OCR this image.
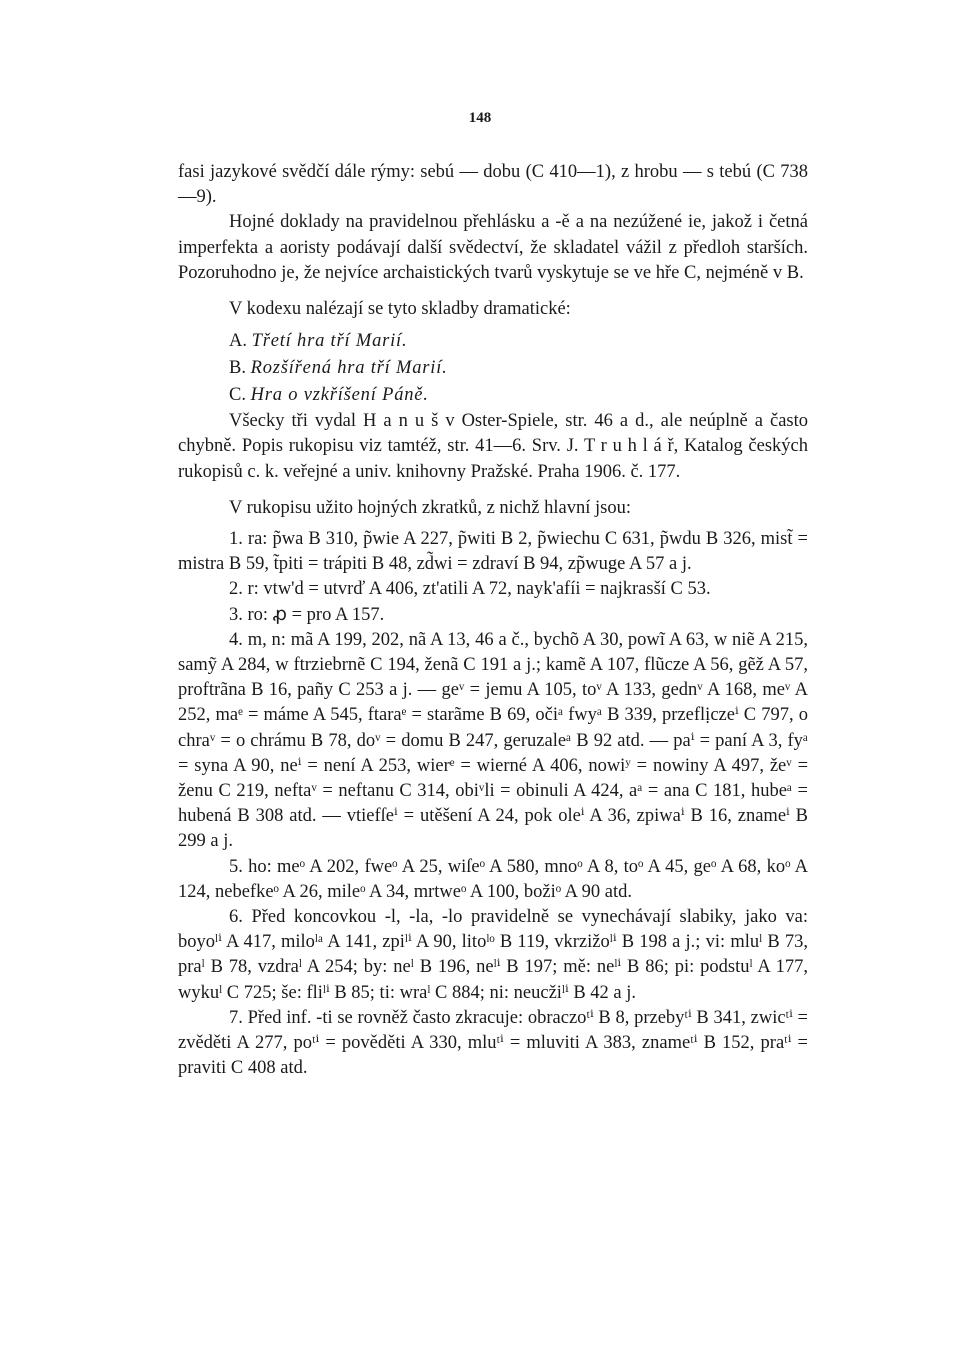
148

fasi jazykové svědčí dále rýmy: sebú — dobu (C 410—1), z hrobu — s tebú (C 738—9).

Hojné doklady na pravidelnou přehlásku a -ě a na nezúžené ie, jakož i četná imperfekta a aoristy podávají další svědectví, že skladatel vážil z předloh starších. Pozoruhodno je, že nejvíce archaistických tvarů vyskytuje se ve hře C, nejméně v B.

V kodexu nalézají se tyto skladby dramatické:

A. Třetí hra tří Marií.

B. Rozšířená hra tří Marií.

C. Hra o vzkříšení Páně.

Všecky tři vydal H a n u š v Oster-Spiele, str. 46 a d., ale neúplně a často chybně. Popis rukopisu viz tamtéž, str. 41—6. Srv. J. T r u h l á ř, Katalog českých rukopisů c. k. veřejné a univ. knihovny Pražské. Praha 1906. č. 177.

V rukopisu užito hojných zkratků, z nichž hlavní jsou:

1. ra: p̃wa B 310, p̃wie A 227, p̃witi B 2, p̃wiechu C 631, p̃wdu B 326, mist̃ = mistra B 59, t̃piti = trápiti B 48, zd̃wi = zdraví B 94, zp̃wuge A 57 a j.

2. r: vtw'd = utvrď A 406, zt'atili A 72, nayk'afíi = najkrasší C 53.

3. ro: ꝓ = pro A 157.

4. m, n: mã A 199, 202, nã A 13, 46 a č., bychõ A 30, powĩ A 63, w niẽ A 215, samỹ A 284, w ftrziebrnẽ C 194, ženã C 191 a j.; kamẽ A 107, flũcze A 56, gẽž A 57, proftrãna B 16, pañy C 253 a j. — geᵛ = jemu A 105, toᵛ A 133, gednᵛ A 168, meᵛ A 252, maᵉ = máme A 545, ftaraᵉ = starãme B 69, očiᵃ fwyᵃ B 339, przeflịczeⁱ C 797, o chraᵛ = o chrámu B 78, doᵛ = domu B 247, geruzaleᵃ B 92 atd. — paⁱ = paní A 3, fyᵃ = syna A 90, neⁱ = není A 253, wierᵉ = wierné A 406, nowiʸ = nowiny A 497, žeᵛ = ženu C 219, neftaᵛ = neftanu C 314, obiᵛli = obinuli A 424, aᵃ = ana C 181, hubeᵃ = hubená B 308 atd. — vtiefſeⁱ = utěšení A 24, pok oleⁱ A 36, zpiwaⁱ B 16, znameⁱ B 299 a j.

5. ho: meᵒ A 202, fweᵒ A 25, wiſeᵒ A 580, mnoᵒ A 8, toᵒ A 45, geᵒ A 68, koᵒ A 124, nebefkeᵒ A 26, mileᵒ A 34, mrtweᵒ A 100, božiᵒ A 90 atd.

6. Před koncovkou -l, -la, -lo pravidelně se vynechávají slabiky, jako va: boyoˡⁱ A 417, miloˡᵃ A 141, zpiˡⁱ A 90, litoˡᵒ B 119, vkrzižoˡⁱ B 198 a j.; vi: mluˡ B 73, praˡ B 78, vzdraˡ A 254; by: neˡ B 196, neˡⁱ B 197; mě: neˡⁱ B 86; pi: podstuˡ A 177, wykuˡ C 725; še: fliˡⁱ B 85; ti: wraˡ C 884; ni: neucžiˡⁱ B 42 a j.

7. Před inf. -ti se rovněž často zkracuje: obraczoᵗⁱ B 8, przebyᵗⁱ B 341, zwicᵗⁱ = zvěděti A 277, poᵗⁱ = pověděti A 330, mluᵗⁱ = mluviti A 383, znameᵗⁱ B 152, praᵗⁱ = praviti C 408 atd.
